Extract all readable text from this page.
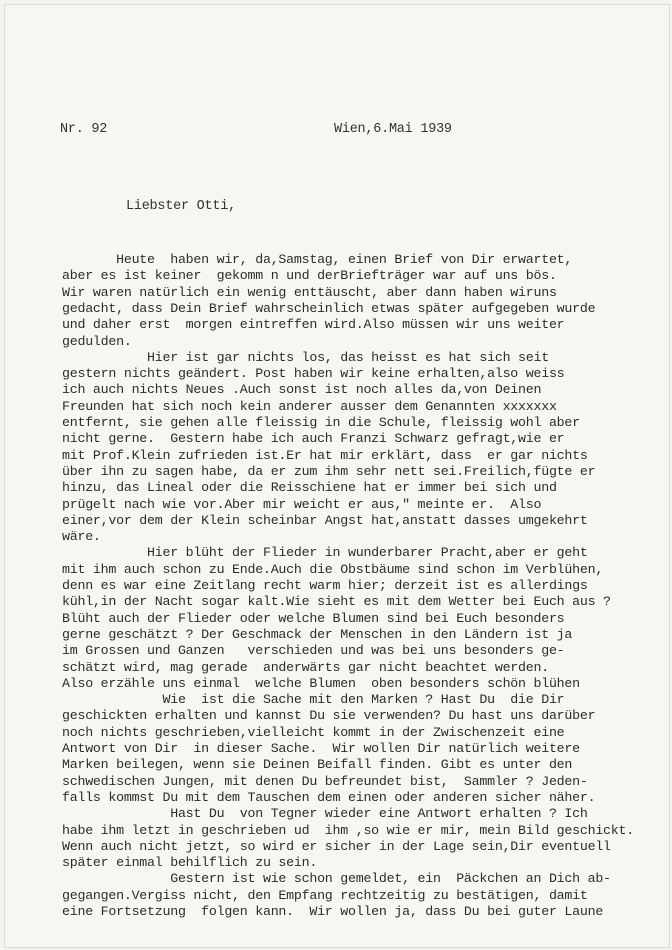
Nr. 92	Wien,6.Mai 1939
Liebster Otti,
Heute  haben wir, da,Samstag, einen Brief von Dir erwartet,
aber es ist keiner  gekomm n und derBriefträger war auf uns bös.
Wir waren natürlich ein wenig enttäuscht, aber dann haben wiruns
gedacht, dass Dein Brief wahrscheinlich etwas später aufgegeben wurde
und daher erst  morgen eintreffen wird.Also müssen wir uns weiter
gedulden.
Hier ist gar nichts los, das heisst es hat sich seit
gestern nichts geändert. Post haben wir keine erhalten,also weiss
ich auch nichts Neues .Auch sonst ist noch alles da,von Deinen
Freunden hat sich noch kein anderer ausser dem Genannten xxxxxxx
entfernt, sie gehen alle fleissig in die Schule, fleissig wohl aber
nicht gerne.  Gestern habe ich auch Franzi Schwarz gefragt,wie er
mit Prof.Klein zufrieden ist.Er hat mir erklärt, dass  er gar nichts
über ihn zu sagen habe, da er zum ihm sehr nett sei.Freilich,fügte er
hinzu, das Lineal oder die Reisschiene hat er immer bei sich und
prügelt nach wie vor.Aber mir weicht er aus," meinte er.  Also
einer,vor dem der Klein scheinbar Angst hat,anstatt dasses umgekehrt
wäre.
Hier blüht der Flieder in wunderbarer Pracht,aber er geht
mit ihm auch schon zu Ende.Auch die Obstbäume sind schon im Verblühen,
denn es war eine Zeitlang recht warm hier; derzeit ist es allerdings
kühl,in der Nacht sogar kalt.Wie sieht es mit dem Wetter bei Euch aus ?
Blüht auch der Flieder oder welche Blumen sind bei Euch besonders
gerne geschätzt ? Der Geschmack der Menschen in den Ländern ist ja
im Grossen und Ganzen   verschieden und was bei uns besonders ge-
schätzt wird, mag gerade  anderwärts gar nicht beachtet werden.
Also erzähle uns einmal  welche Blumen  oben besonders schön blühen
Wie  ist die Sache mit den Marken ? Hast Du  die Dir
geschickten erhalten und kannst Du sie verwenden? Du hast uns darüber
noch nichts geschrieben,vielleicht kommt in der Zwischenzeit eine
Antwort von Dir  in dieser Sache.  Wir wollen Dir natürlich weitere
Marken beilegen, wenn sie Deinen Beifall finden. Gibt es unter den
schwedischen Jungen, mit denen Du befreundet bist,  Sammler ? Jeden-
falls kommst Du mit dem Tauschen dem einen oder anderen sicher näher.
Hast Du  von Tegner wieder eine Antwort erhalten ? Ich
habe ihm letzt in geschrieben ud  ihm ,so wie er mir, mein Bild geschickt.
Wenn auch nicht jetzt, so wird er sicher in der Lage sein,Dir eventuell
später einmal behilflich zu sein.
Gestern ist wie schon gemeldet, ein  Päckchen an Dich ab-
gegangen.Vergiss nicht, den Empfang rechtzeitig zu bestätigen, damit
eine Fortsetzung  folgen kann.  Wir wollen ja, dass Du bei guter Laune
